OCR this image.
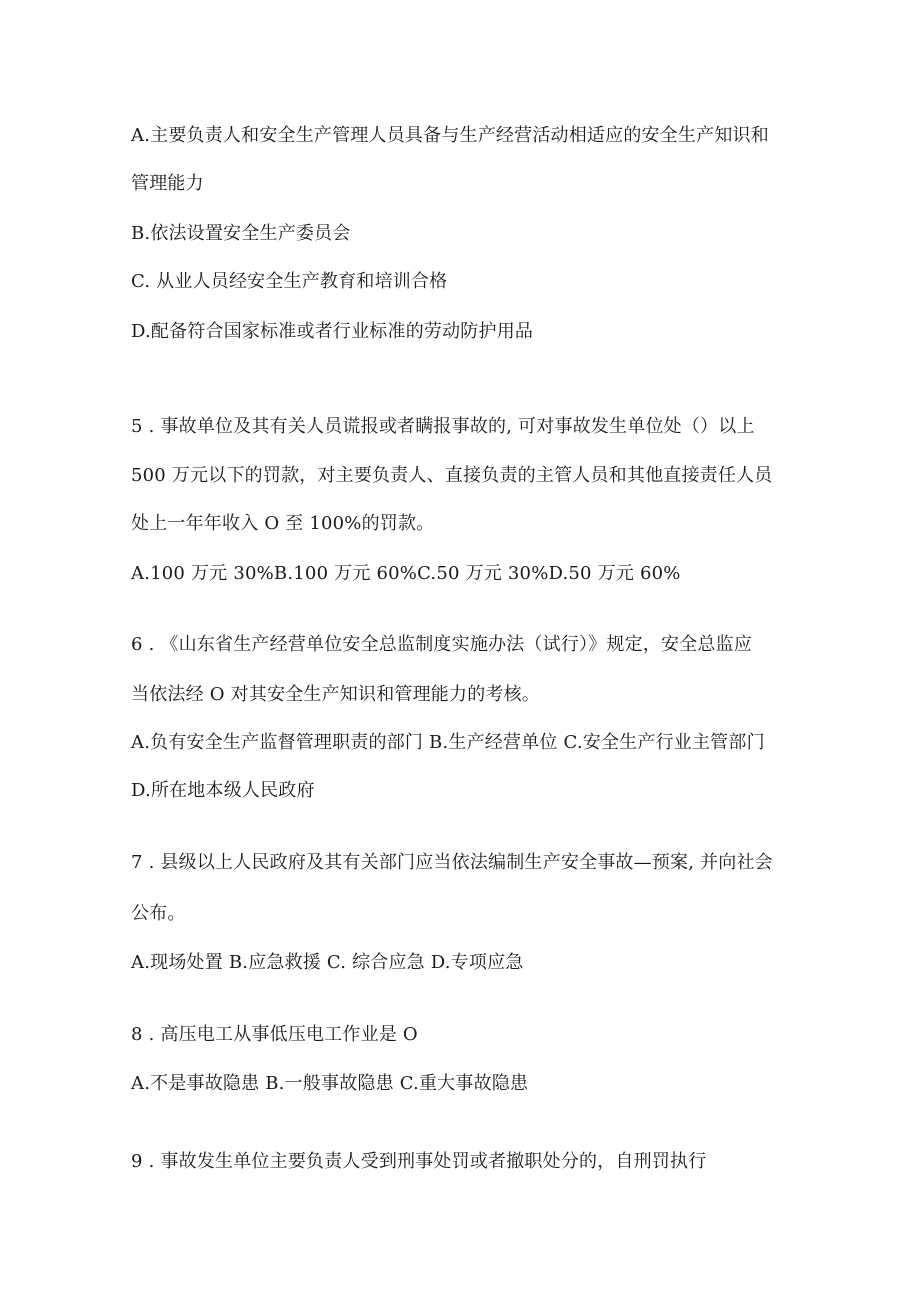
A.主要负责人和安全生产管理人员具备与生产经营活动相适应的安全生产知识和
管理能力
B.依法设置安全生产委员会
C. 从业人员经安全生产教育和培训合格
D.配备符合国家标准或者行业标准的劳动防护用品
5 . 事故单位及其有关人员谎报或者瞒报事故的, 可对事故发生单位处（）以上
500 万元以下的罚款，对主要负责人、直接负责的主管人员和其他直接责任人员
处上一年年收入 O 至 100%的罚款。
A.100 万元 30%B.100 万元 60%C.50 万元 30%D.50 万元 60%
6 . 《山东省生产经营单位安全总监制度实施办法（试行）》规定，安全总监应
当依法经 O 对其安全生产知识和管理能力的考核。
A.负有安全生产监督管理职责的部门 B.生产经营单位 C.安全生产行业主管部门
D.所在地本级人民政府
7 . 县级以上人民政府及其有关部门应当依法编制生产安全事故—预案, 并向社会
公布。
A.现场处置 B.应急救援 C. 综合应急 D.专项应急
8 . 高压电工从事低压电工作业是 O
A.不是事故隐患 B.一般事故隐患 C.重大事故隐患
9 . 事故发生单位主要负责人受到刑事处罚或者撤职处分的，自刑罚执行
